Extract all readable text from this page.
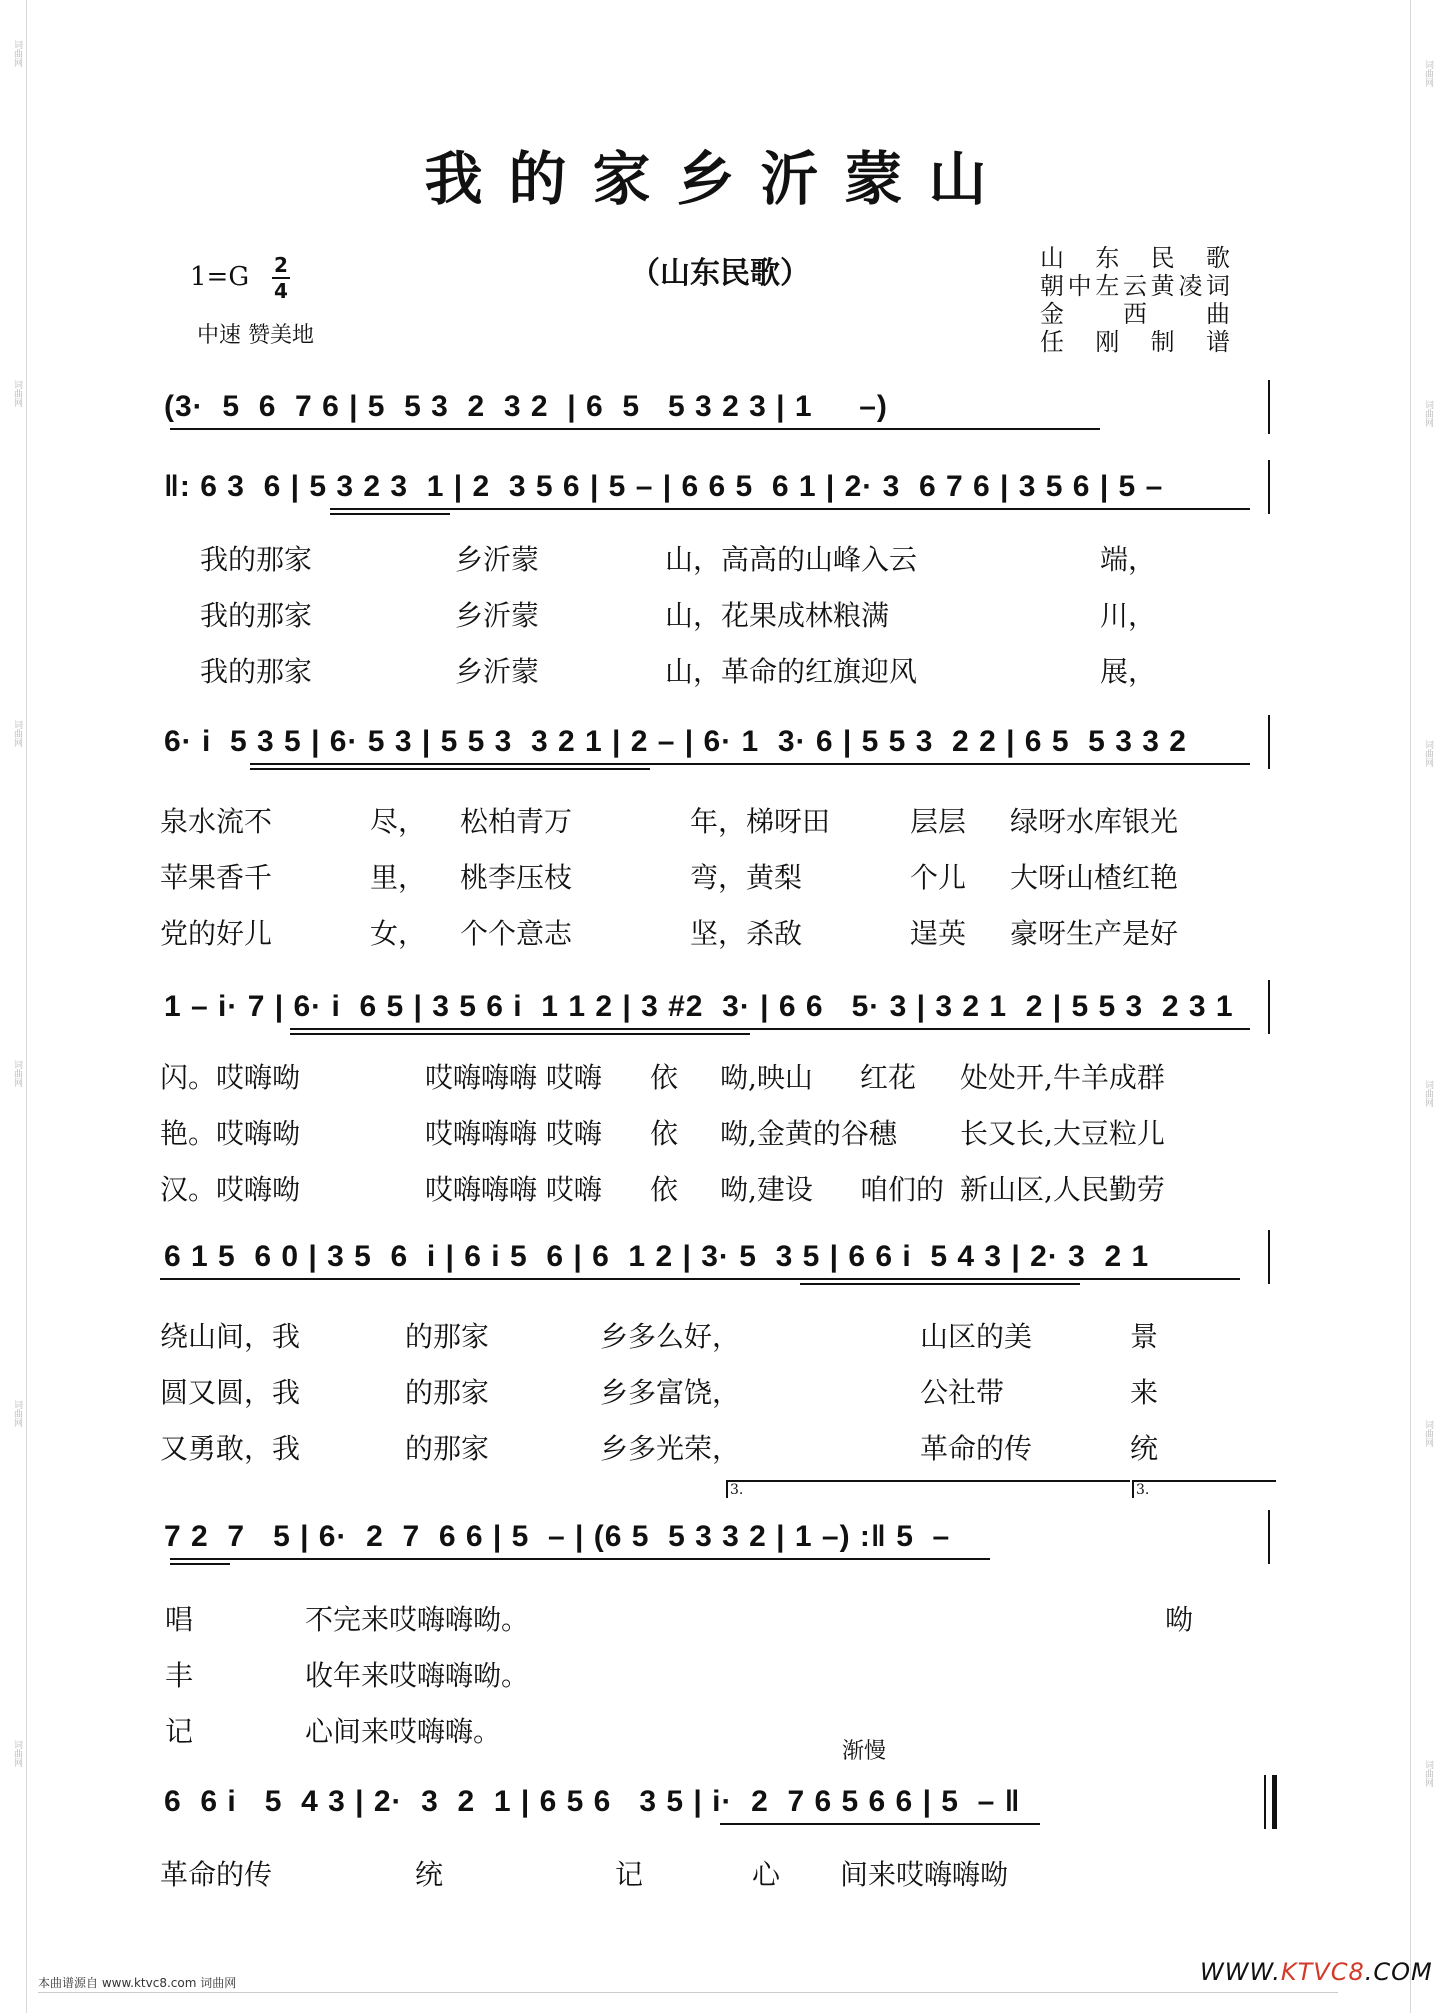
词曲网
词曲网
词曲网
词曲网
词曲网
词曲网
词曲网
词曲网
词曲网
词曲网
词曲网
词曲网
我的家乡沂蒙山
（山东民歌）
1=G 2
4
中速 赞美地
山东民歌
朝中左云黄凌词
金西曲
任刚制谱

(3·  5  6  7 6 | 5  5 3  2  3 2  | 6  5   5 3 2 3 | 1     –)

‖: 6 3  6 | 5 3 2 3  1 | 2  3 5 6 | 5 – | 6 6 5  6 1 | 2· 3  6 7 6 | 3 5 6 | 5 –

我的那家	乡沂蒙

	山，高高的山峰入云	端，

我的那家	乡沂蒙

	山，花果成林粮满	川，

我的那家	乡沂蒙

	山，革命的红旗迎风	展，

6· i  5 3 5 | 6· 5 3 | 5 5 3  3 2 1 | 2 – | 6· 1  3· 6 | 5 5 3  2 2 | 6 5  5 3 3 2

泉水流不	尽，

松柏青万	年，梯呀田

	层层 绿呀水库银光

苹果香千	里，

桃李压枝	弯，黄梨

	个儿 大呀山楂红艳

党的好儿	女，

个个意志	坚，杀敌

	逞英 豪呀生产是好

1 – i· 7 | 6· i  6 5 | 3 5 6 i  1 1 2 | 3 #2  3· | 6 6   5· 3 | 3 2 1  2 | 5 5 3  2 3 1

闪。哎嗨呦	哎嗨嗨嗨 哎嗨

依 呦,映山

红花 处处开,牛羊成群

艳。哎嗨呦	哎嗨嗨嗨 哎嗨

依 呦,金黄的谷穗

长又长,大豆粒儿

汉。哎嗨呦	哎嗨嗨嗨 哎嗨

依 呦,建设

咱们的 新山区,人民勤劳

6 1 5  6 0 | 3 5  6  i | 6 i 5  6 | 6  1 2 | 3· 5  3 5 | 6 6 i  5 4 3 | 2· 3  2 1

绕山间，我	的那家

	乡多么好，	山区的美

	景

圆又圆，我	的那家

	乡多富饶，	公社带

	来

又勇敢，我	的那家

	乡多光荣，	革命的传

	统

3.	3.

7 2  7   5 | 6·  2  7  6 6 | 5  – | (6 5  5 3 3 2 | 1 –) :‖ 5  –

唱	不完来哎嗨嗨呦。

	呦

丰	收年来哎嗨嗨呦。

记	心间来哎嗨嗨。

渐慢

6  6 i   5  4 3 | 2·  3  2  1 | 6 5 6   3 5 | i·  2  7 6 5 6 6 | 5  – ‖

革命的传	统

	记	心

间来哎嗨嗨呦

本曲谱源自 www.ktvc8.com 词曲网	WWW.KTVC8.COM
